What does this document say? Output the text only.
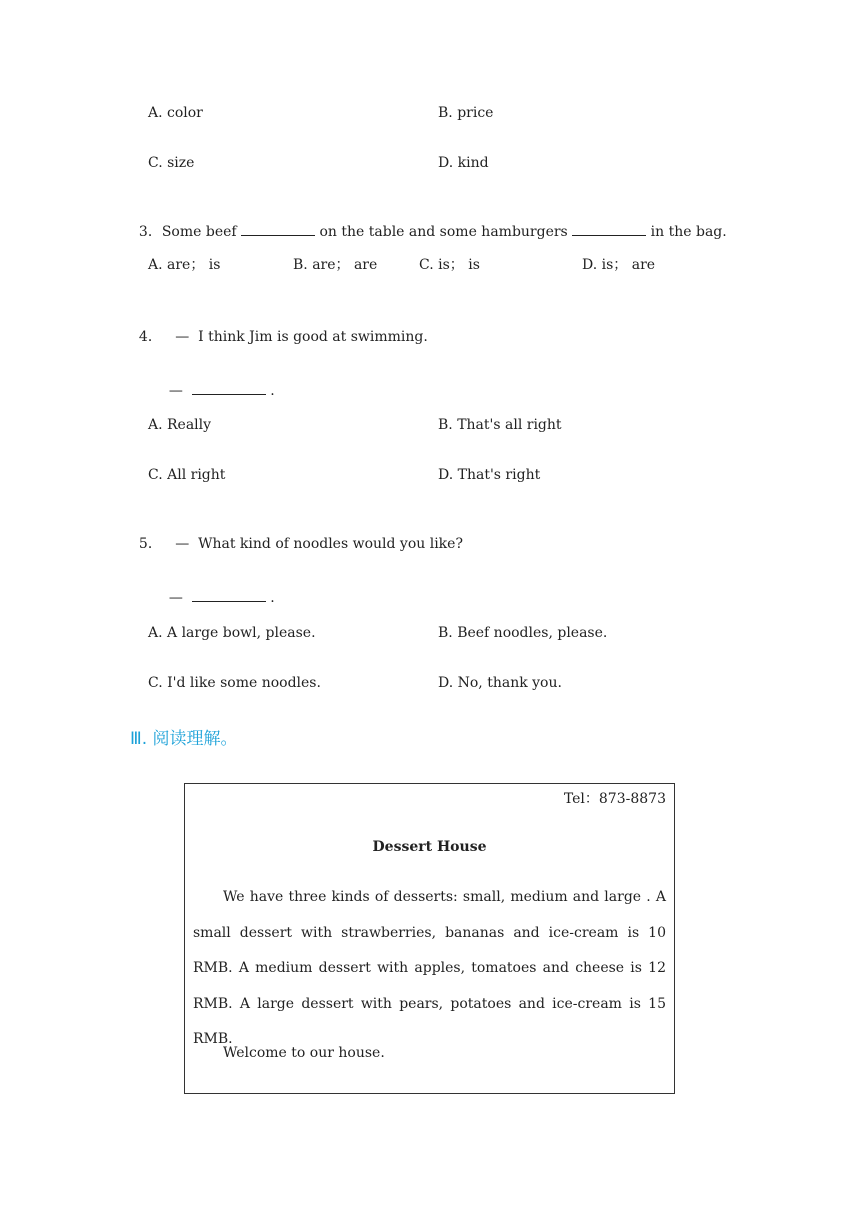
A. color	B. price
C. size	D. kind

3．Some beef	on the table and some hamburgers	in the bag.

A. are； is	B. are； are	C. is； is	D. is； are

4． — I think Jim is good at swimming.

—	.

A. Really	B. That's all right
C. All right	D. That's right

5． — What kind of noodles would you like?

—	.

A. A large bowl, please.	B. Beef noodles, please.
C. I'd like some noodles.	D. No, thank you.
Ⅲ. 阅读理解。
Tel：873-8873
Dessert House

We have three kinds of desserts: small, medium and large . A small dessert with strawberries, bananas and ice-cream is 10 RMB. A medium dessert with apples, tomatoes and cheese is 12 RMB. A large dessert with pears, potatoes and ice-cream is 15 RMB.

Welcome to our house.
